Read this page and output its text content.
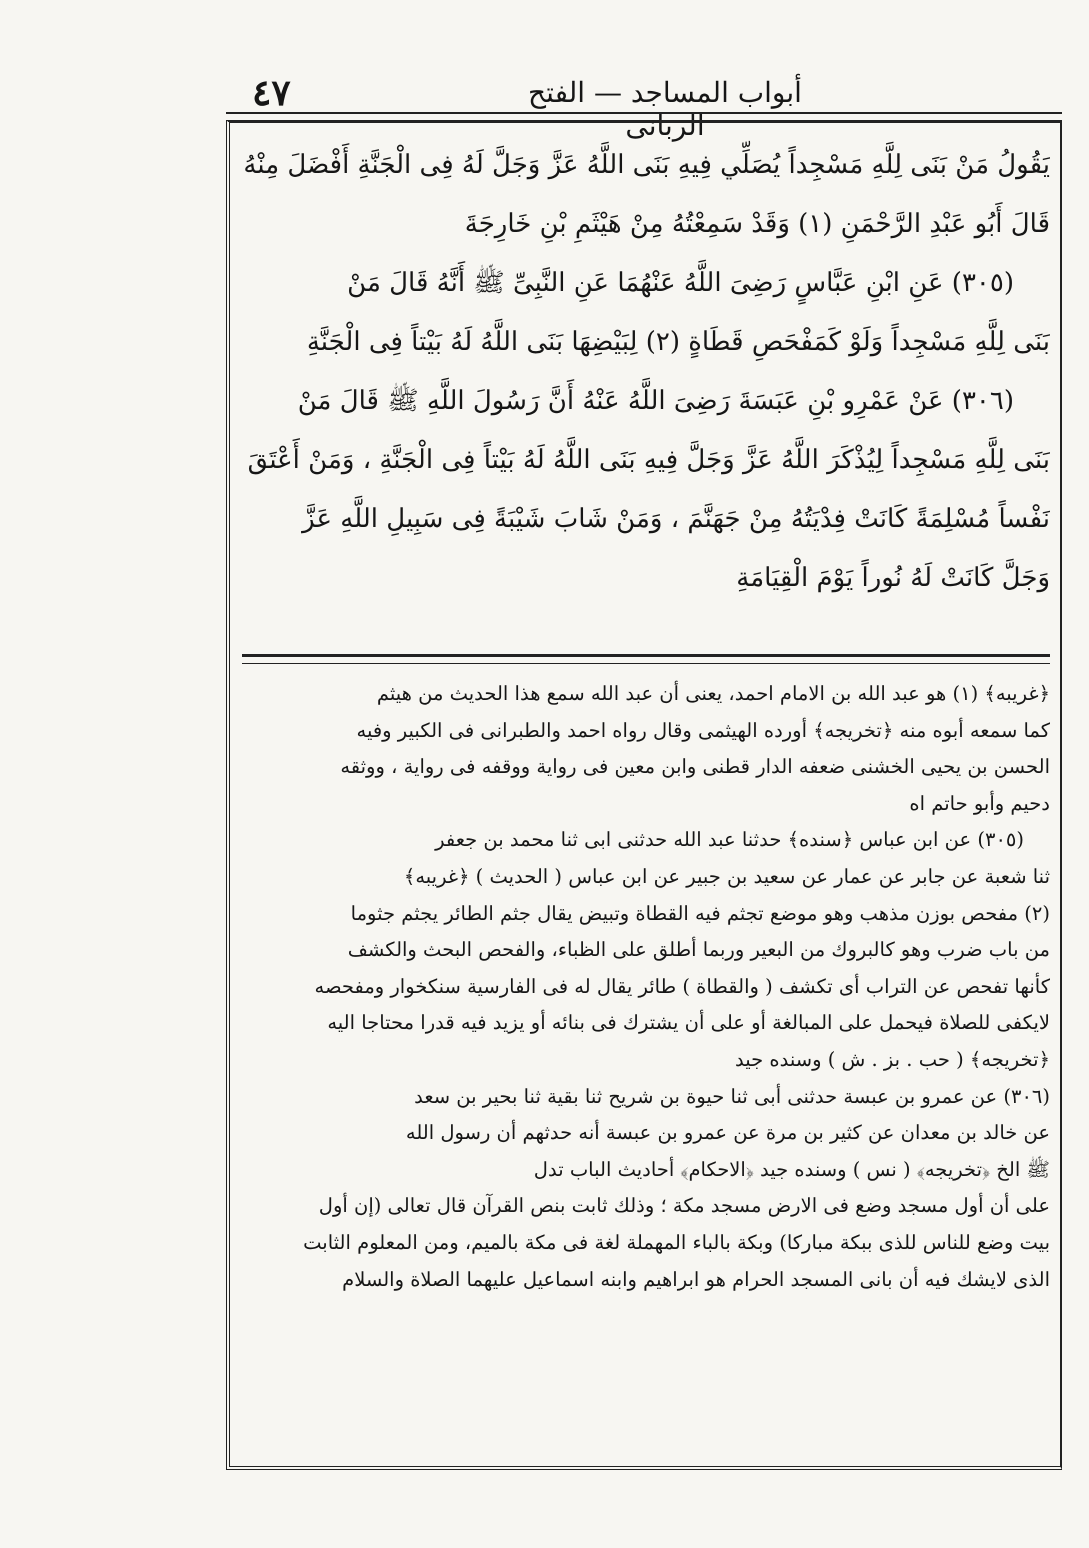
٤٧	أبواب المساجد — الفتح الربانى

يَقُولُ مَنْ بَنَى لِلَّهِ مَسْجِداً يُصَلِّي فِيهِ بَنَى اللَّهُ عَزَّ وَجَلَّ لَهُ فِى الْجَنَّةِ أَفْضَلَ مِنْهُ

قَالَ أَبُو عَبْدِ الرَّحْمَنِ (١) وَقَدْ سَمِعْتُهُ مِنْ هَيْثَمِ بْنِ خَارِجَةَ

(٣٠٥) عَنِ ابْنِ عَبَّاسٍ رَضِىَ اللَّهُ عَنْهُمَا عَنِ النَّبِىِّ ﷺ أَنَّهُ قَالَ مَنْ

بَنَى لِلَّهِ مَسْجِداً وَلَوْ كَمَفْحَصِ قَطَاةٍ (٢) لِبَيْضِهَا بَنَى اللَّهُ لَهُ بَيْتاً فِى الْجَنَّةِ

(٣٠٦) عَنْ عَمْرِو بْنِ عَبَسَةَ رَضِىَ اللَّهُ عَنْهُ أَنَّ رَسُولَ اللَّهِ ﷺ قَالَ مَنْ

بَنَى لِلَّهِ مَسْجِداً لِيُذْكَرَ اللَّهُ عَزَّ وَجَلَّ فِيهِ بَنَى اللَّهُ لَهُ بَيْتاً فِى الْجَنَّةِ ، وَمَنْ أَعْتَقَ

نَفْساً مُسْلِمَةً كَانَتْ فِدْيَتُهُ مِنْ جَهَنَّمَ ، وَمَنْ شَابَ شَيْبَةً فِى سَبِيلِ اللَّهِ عَزَّ

وَجَلَّ كَانَتْ لَهُ نُوراً يَوْمَ الْقِيَامَةِ

﴿غريبه﴾ (١) هو عبد الله بن الامام احمد، يعنى أن عبد الله سمع هذا الحديث من هيثم

كما سمعه أبوه منه ﴿تخريجه﴾ أورده الهيثمى وقال رواه احمد والطبرانى فى الكبير وفيه

الحسن بن يحيى الخشنى ضعفه الدار قطنى وابن معين فى رواية ووقفه فى رواية ، ووثقه

دحيم وأبو حاتم اه

(٣٠٥) عن ابن عباس ﴿سنده﴾ حدثنا عبد الله حدثنى ابى ثنا محمد بن جعفر

ثنا شعبة عن جابر عن عمار عن سعيد بن جبير عن ابن عباس ( الحديث ) ﴿غريبه﴾

(٢) مفحص بوزن مذهب وهو موضع تجثم فيه القطاة وتبيض يقال جثم الطائر يجثم جثوما

من باب ضرب وهو كالبروك من البعير وربما أطلق على الظباء، والفحص البحث والكشف

كأنها تفحص عن التراب أى تكشف ( والقطاة ) طائر يقال له فى الفارسية سنكخوار ومفحصه

لايكفى للصلاة فيحمل على المبالغة أو على أن يشترك فى بنائه أو يزيد فيه قدرا محتاجا اليه

﴿تخريجه﴾ ( حب . بز . ش ) وسنده جيد

(٣٠٦) عن عمرو بن عبسة حدثنى أبى ثنا حيوة بن شريح ثنا بقية ثنا بحير بن سعد

عن خالد بن معدان عن كثير بن مرة عن عمرو بن عبسة أنه حدثهم أن رسول الله

ﷺ الخ ﴿تخريجه﴾ ( نس ) وسنده جيد ﴿الاحكام﴾ أحاديث الباب تدل

على أن أول مسجد وضع فى الارض مسجد مكة ؛ وذلك ثابت بنص القرآن قال تعالى (إن أول

بيت وضع للناس للذى ببكة مباركا) وبكة بالباء المهملة لغة فى مكة بالميم، ومن المعلوم الثابت

الذى لايشك فيه أن بانى المسجد الحرام هو ابراهيم وابنه اسماعيل عليهما الصلاة والسلام
